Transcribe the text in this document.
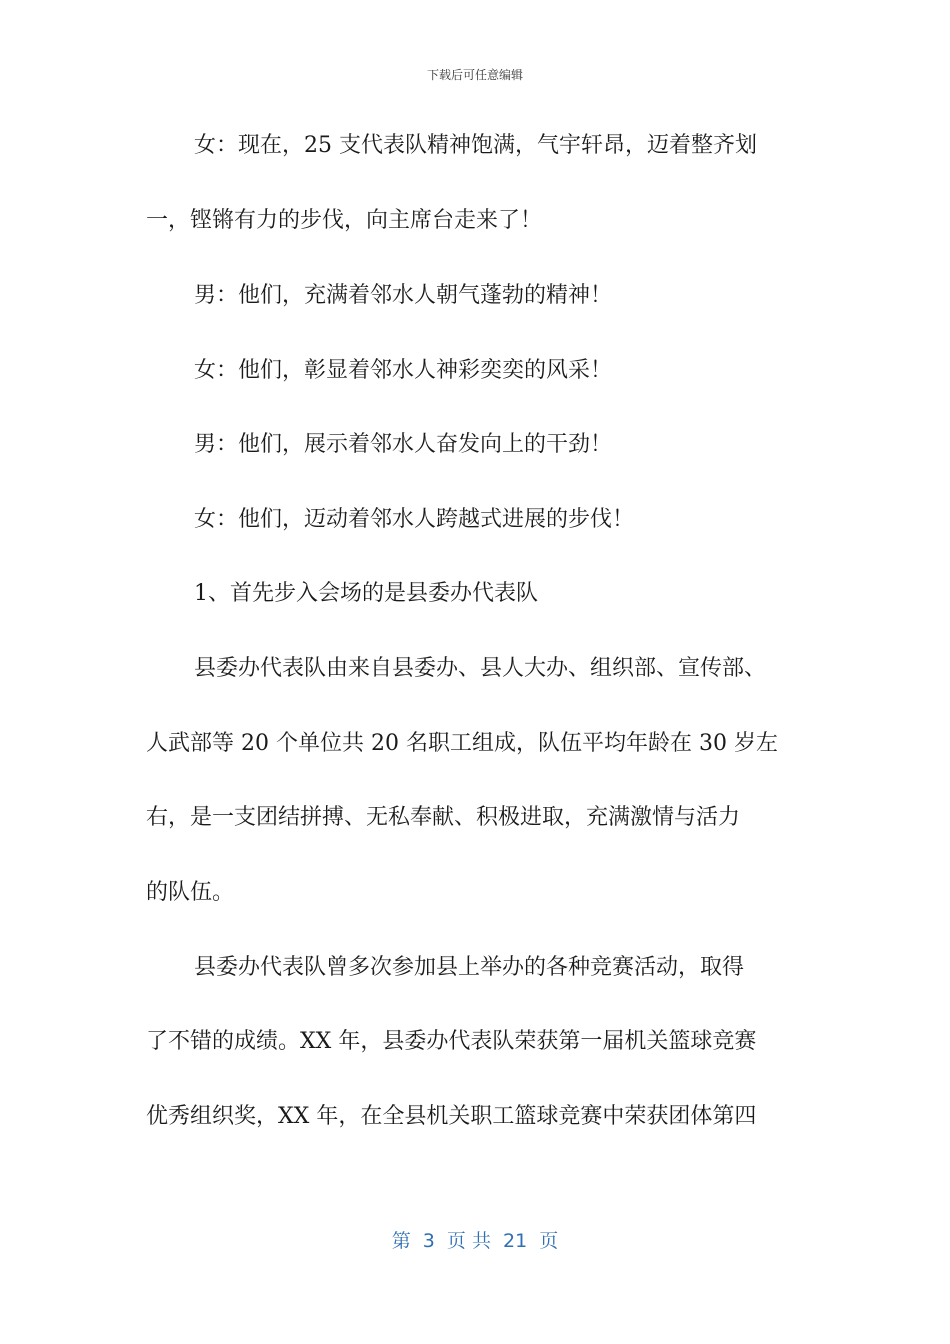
下载后可任意编辑
女：现在，25 支代表队精神饱满，气宇轩昂，迈着整齐划
一，铿锵有力的步伐，向主席台走来了！
男：他们，充满着邻水人朝气蓬勃的精神！
女：他们，彰显着邻水人神彩奕奕的风采！
男：他们，展示着邻水人奋发向上的干劲！
女：他们，迈动着邻水人跨越式进展的步伐！
1、首先步入会场的是县委办代表队
县委办代表队由来自县委办、县人大办、组织部、宣传部、
人武部等 20 个单位共 20 名职工组成，队伍平均年龄在 30 岁左
右，是一支团结拼搏、无私奉献、积极进取，充满激情与活力
的队伍。
县委办代表队曾多次参加县上举办的各种竞赛活动，取得
了不错的成绩。XX 年，县委办代表队荣获第一届机关篮球竞赛
优秀组织奖，XX 年，在全县机关职工篮球竞赛中荣获团体第四
第  3  页 共  21  页
